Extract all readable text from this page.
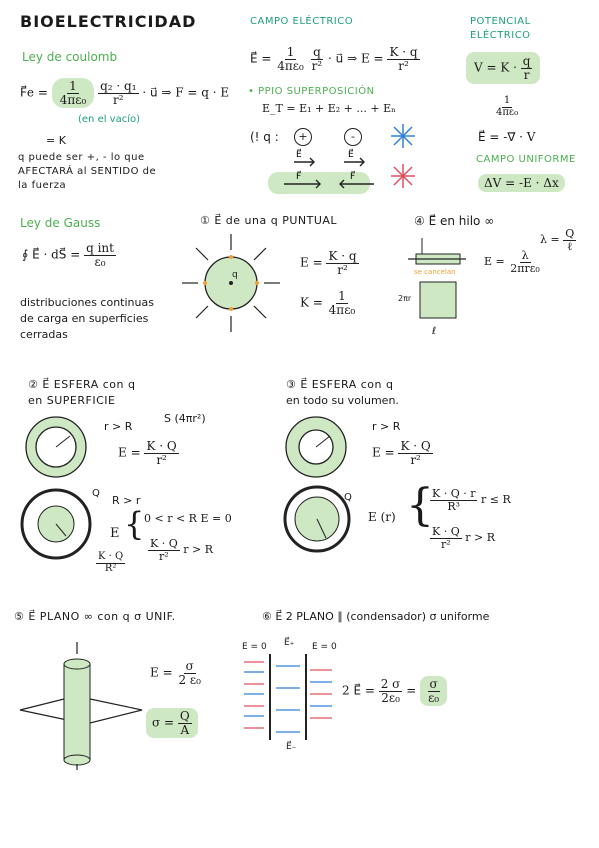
BIOELECTRICIDAD
Ley de coulomb
F⃗e = $\frac{1}{\text{4πε₀}}$
$\frac{\text{q₂ · q₁}}{\text{r²}}$ · u⃗ ⇒ F = q · E
(en el vacío)
= K
q puede ser +, - lo que
AFECTARÁ al SENTIDO de
la fuerza
CAMPO ELÉCTRICO
E⃗ = $\frac{1}{\text{4πε₀}}$
$\frac{q}{\text{r²}}$ · u⃗ ⇒ $E = \frac{K \cdot q}{\text{r²}}$
• PPIO SUPERPOSICIÓN
E_T = E₁ + E₂ + ... + Eₙ
(! q :	+	-
E⃗	E⃗
F⃗	F⃗
POTENCIAL
ELÉCTRICO
$V = K \cdot \frac{q}{r}$
$\frac{1}{\text{4πε₀}}$
E⃗ = -∇⃗ · V
CAMPO UNIFORME
ΔV = -E · Δx
Ley de Gauss
∮ E⃗ · dS⃗ = $\frac{\text{q int}}{\text{ε₀}}$
distribuciones continuas
de carga en superficies
cerradas
① E⃗ de una q PUNTUAL
q
$E = \frac{K \cdot q}{\text{r²}}$
$K = \frac{1}{\text{4πε₀}}$
④ E⃗ en hilo ∞
$\lambda = \frac{Q}{\text{ℓ}}$
$E = \frac{\lambda}{\text{2πrε₀}}$
se cancelan
2πr
ℓ
② E⃗ ESFERA con q
en SUPERFICIE
S (4πr²)
r > R
$E = \frac{K \cdot Q}{\text{r²}}$
Q
R > r
E { 0 < r < R E = 0
$\frac{K \cdot Q}{\text{r²}}$ r > R
$\frac{K \cdot Q}{\text{R²}}$
③ E⃗ ESFERA con q
en todo su volumen.
r > R
$E = \frac{K \cdot Q}{\text{r²}}$
Q
E (r) {
$\frac{K \cdot Q \cdot r}{\text{R³}}$ r ≤ R
$\frac{K \cdot Q}{\text{r²}}$ r > R
⑤ E⃗ PLANO ∞ con q σ UNIF.
$E = \frac{\sigma}{\text{2 ε₀}}$
$\sigma = \frac{Q}{A}$
⑥ E⃗ 2 PLANO ∥ (condensador) σ uniforme
E = 0 E⃗₊ E = 0
E⃗₋
2 E⃗ = $\frac{2 \sigma}{\text{2ε₀}} = \frac{\sigma}{\text{ε₀}}$
